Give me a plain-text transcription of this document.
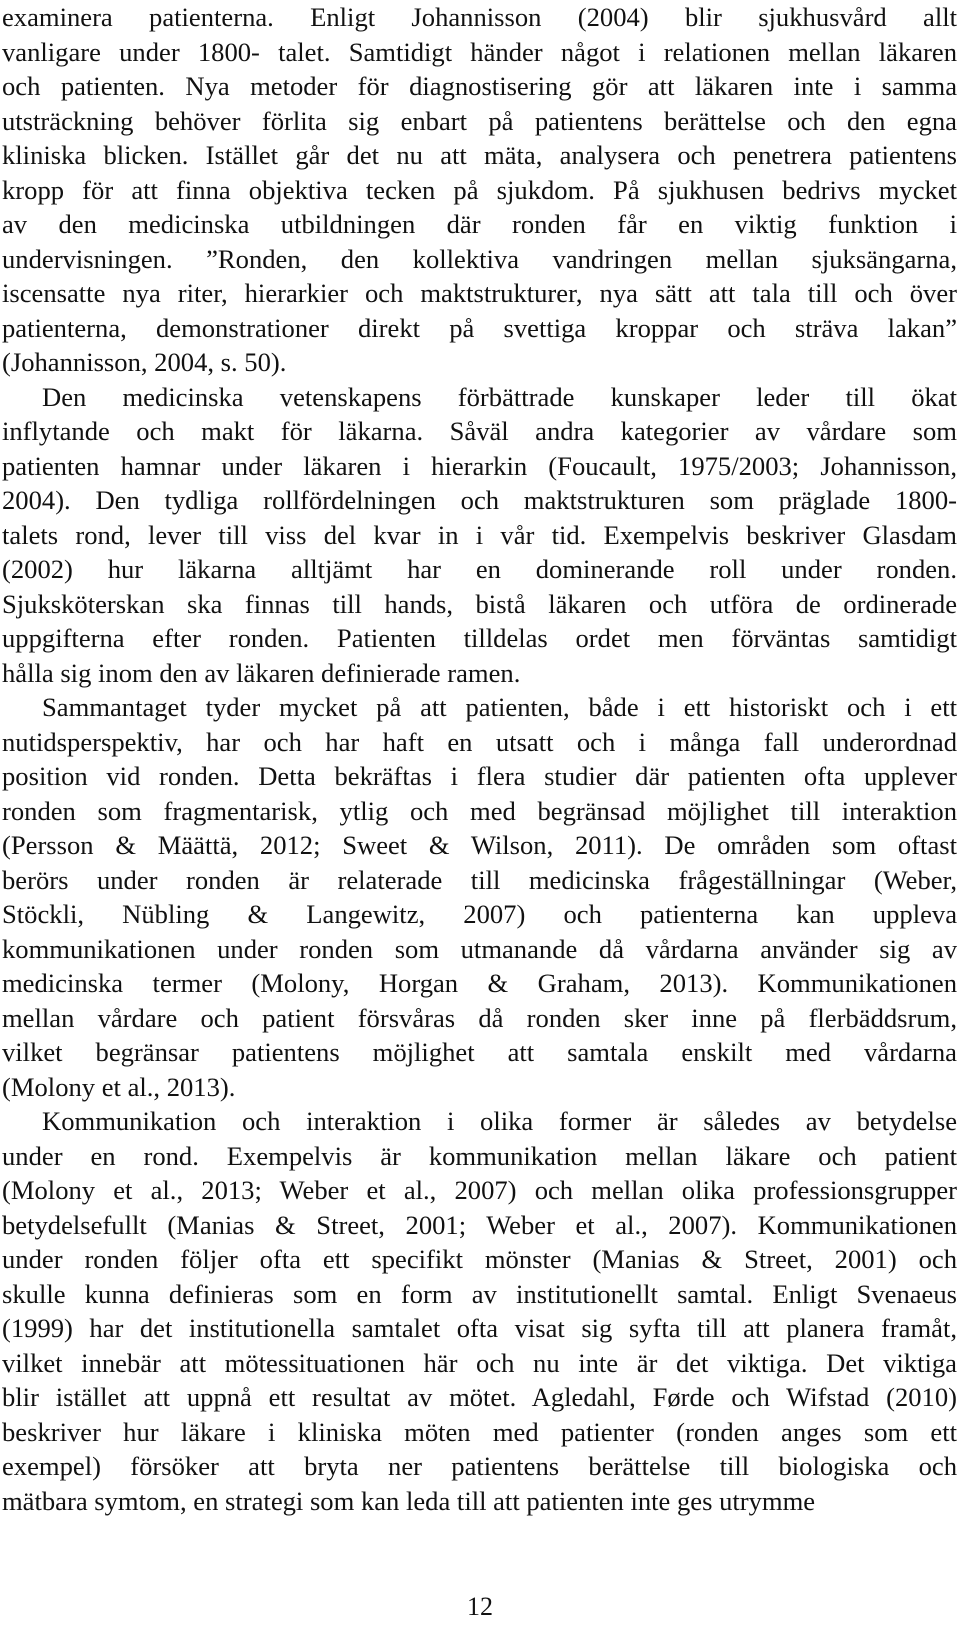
examinera patienterna. Enligt Johannisson (2004) blir sjukhusvård allt
vanligare under 1800- talet. Samtidigt händer något i relationen mellan läkaren
och patienten. Nya metoder för diagnostisering gör att läkaren inte i samma
utsträckning behöver förlita sig enbart på patientens berättelse och den egna
kliniska blicken. Istället går det nu att mäta, analysera och penetrera patientens
kropp för att finna objektiva tecken på sjukdom. På sjukhusen bedrivs mycket
av den medicinska utbildningen där ronden får en viktig funktion i
undervisningen. ”Ronden, den kollektiva vandringen mellan sjuksängarna,
iscensatte nya riter, hierarkier och maktstrukturer, nya sätt att tala till och över
patienterna, demonstrationer direkt på svettiga kroppar och sträva lakan”
(Johannisson, 2004, s. 50).
Den medicinska vetenskapens förbättrade kunskaper leder till ökat
inflytande och makt för läkarna. Såväl andra kategorier av vårdare som
patienten hamnar under läkaren i hierarkin (Foucault, 1975/2003; Johannisson,
2004). Den tydliga rollfördelningen och maktstrukturen som präglade 1800-
talets rond, lever till viss del kvar in i vår tid. Exempelvis beskriver Glasdam
(2002) hur läkarna alltjämt har en dominerande roll under ronden.
Sjuksköterskan ska finnas till hands, bistå läkaren och utföra de ordinerade
uppgifterna efter ronden. Patienten tilldelas ordet men förväntas samtidigt
hålla sig inom den av läkaren definierade ramen.
Sammantaget tyder mycket på att patienten, både i ett historiskt och i ett
nutidsperspektiv, har och har haft en utsatt och i många fall underordnad
position vid ronden. Detta bekräftas i flera studier där patienten ofta upplever
ronden som fragmentarisk, ytlig och med begränsad möjlighet till interaktion
(Persson & Määttä, 2012; Sweet & Wilson, 2011). De områden som oftast
berörs under ronden är relaterade till medicinska frågeställningar (Weber,
Stöckli, Nübling & Langewitz, 2007) och patienterna kan uppleva
kommunikationen under ronden som utmanande då vårdarna använder sig av
medicinska termer (Molony, Horgan & Graham, 2013). Kommunikationen
mellan vårdare och patient försvåras då ronden sker inne på flerbäddsrum,
vilket begränsar patientens möjlighet att samtala enskilt med vårdarna
(Molony et al., 2013).
Kommunikation och interaktion i olika former är således av betydelse
under en rond. Exempelvis är kommunikation mellan läkare och patient
(Molony et al., 2013; Weber et al., 2007) och mellan olika professionsgrupper
betydelsefullt (Manias & Street, 2001; Weber et al., 2007). Kommunikationen
under ronden följer ofta ett specifikt mönster (Manias & Street, 2001) och
skulle kunna definieras som en form av institutionellt samtal. Enligt Svenaeus
(1999) har det institutionella samtalet ofta visat sig syfta till att planera framåt,
vilket innebär att mötessituationen här och nu inte är det viktiga. Det viktiga
blir istället att uppnå ett resultat av mötet. Agledahl, Førde och Wifstad (2010)
beskriver hur läkare i kliniska möten med patienter (ronden anges som ett
exempel) försöker att bryta ner patientens berättelse till biologiska och
mätbara symtom, en strategi som kan leda till att patienten inte ges utrymme
12
